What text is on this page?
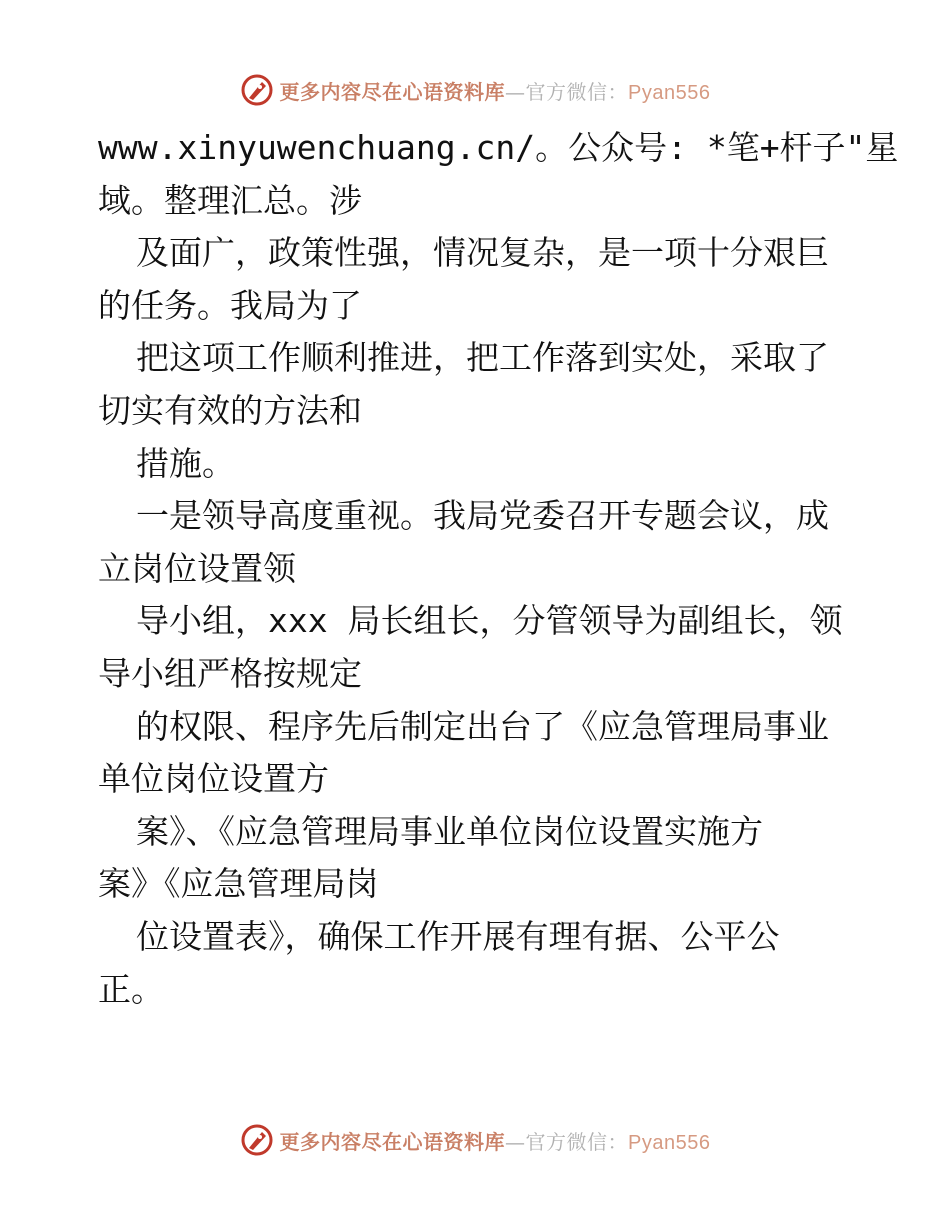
更多内容尽在心语资料库—官方微信：Pyan556
www.xinyuwenchuang.cn/。公众号: *笔+杆子"星
域。整理汇总。涉
及面广，政策性强，情况复杂，是一项十分艰巨
的任务。我局为了
把这项工作顺利推进，把工作落到实处，采取了
切实有效的方法和
措施。
一是领导高度重视。我局党委召开专题会议，成
立岗位设置领
导小组，xxx 局长组长，分管领导为副组长，领
导小组严格按规定
的权限、程序先后制定出台了《应急管理局事业
单位岗位设置方
案》、《应急管理局事业单位岗位设置实施方
案》《应急管理局岗
位设置表》，确保工作开展有理有据、公平公
正。
更多内容尽在心语资料库—官方微信：Pyan556
